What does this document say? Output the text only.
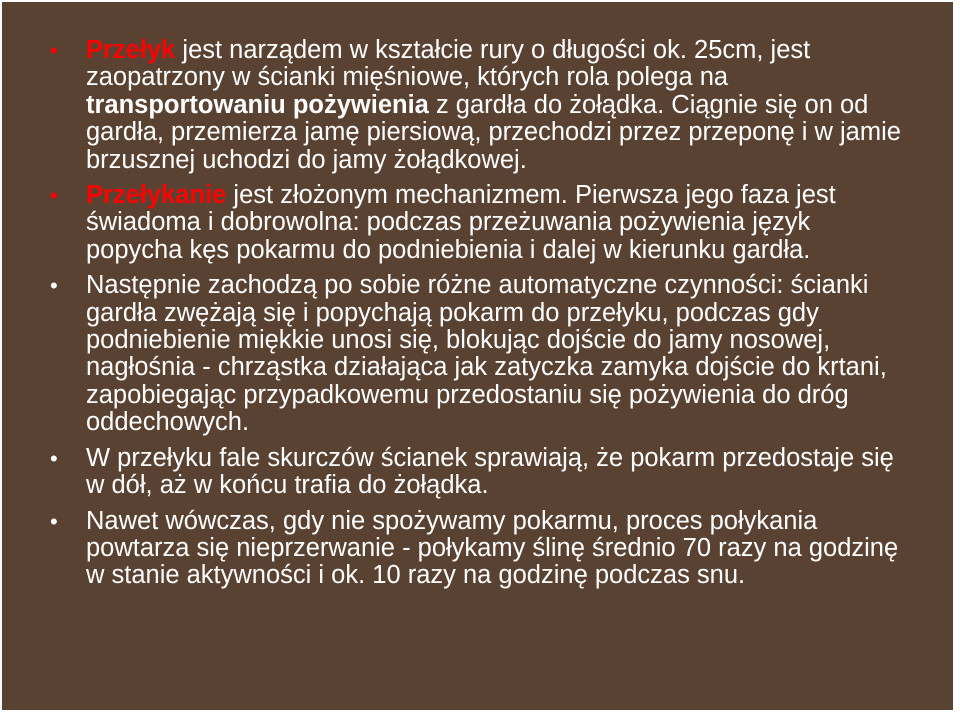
• Przełyk jest narządem w kształcie rury o długości ok. 25cm, jest zaopatrzony w ścianki mięśniowe, których rola polega na transportowaniu pożywienia z gardła do żołądka. Ciągnie się on od gardła, przemierza jamę piersiową, przechodzi przez przeponę i w jamie brzusznej uchodzi do jamy żołądkowej.
• Przełykanie jest złożonym mechanizmem. Pierwsza jego faza jest świadoma i dobrowolna: podczas przeżuwania pożywienia język popycha kęs pokarmu do podniebienia i dalej w kierunku gardła.
• Następnie zachodzą po sobie różne automatyczne czynności: ścianki gardła zwężają się i popychają pokarm do przełyku, podczas gdy podniebienie miękkie unosi się, blokując dojście do jamy nosowej, nagłośnia - chrząstka działająca jak zatyczka zamyka dojście do krtani, zapobiegając przypadkowemu przedostaniu się pożywienia do dróg oddechowych.
• W przełyku fale skurczów ścianek sprawiają, że pokarm przedostaje się w dół, aż w końcu trafia do żołądka.
• Nawet wówczas, gdy nie spożywamy pokarmu, proces połykania powtarza się nieprzerwanie - połykamy ślinę średnio 70 razy na godzinę w stanie aktywności i ok. 10 razy na godzinę podczas snu.
